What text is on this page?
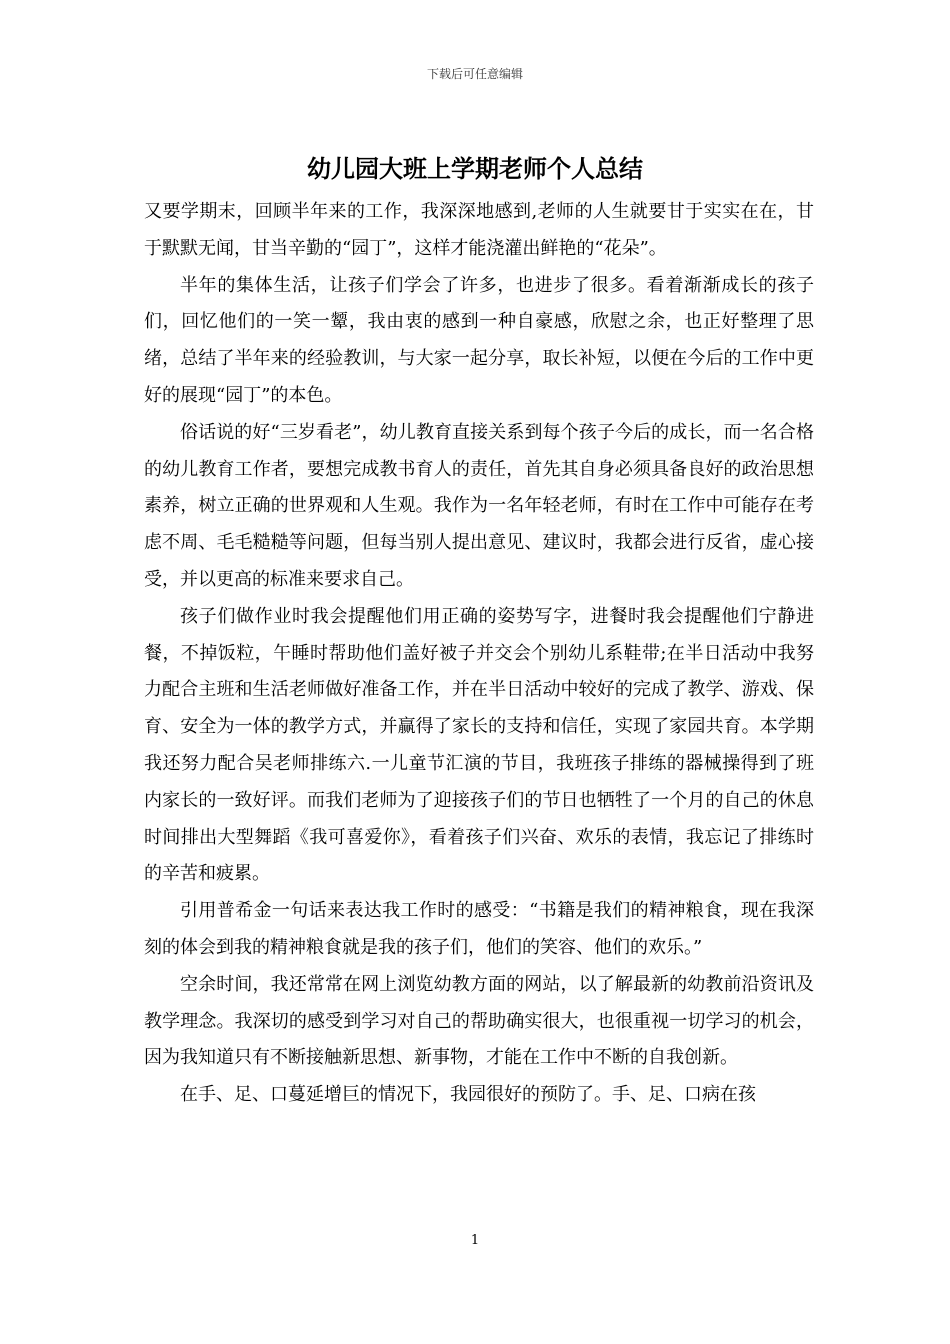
下载后可任意编辑
幼儿园大班上学期老师个人总结

又要学期末，回顾半年来的工作，我深深地感到,老师的人生就要甘于实实在在，甘于默默无闻，甘当辛勤的“园丁”，这样才能浇灌出鲜艳的“花朵”。

半年的集体生活，让孩子们学会了许多，也进步了很多。看着渐渐成长的孩子们，回忆他们的一笑一颦，我由衷的感到一种自豪感，欣慰之余，也正好整理了思绪，总结了半年来的经验教训，与大家一起分享，取长补短，以便在今后的工作中更好的展现“园丁”的本色。

俗话说的好“三岁看老”，幼儿教育直接关系到每个孩子今后的成长，而一名合格的幼儿教育工作者，要想完成教书育人的责任，首先其自身必须具备良好的政治思想素养，树立正确的世界观和人生观。我作为一名年轻老师，有时在工作中可能存在考虑不周、毛毛糙糙等问题，但每当别人提出意见、建议时，我都会进行反省，虚心接受，并以更高的标准来要求自己。

孩子们做作业时我会提醒他们用正确的姿势写字，进餐时我会提醒他们宁静进餐，不掉饭粒，午睡时帮助他们盖好被子并交会个别幼儿系鞋带;在半日活动中我努力配合主班和生活老师做好准备工作，并在半日活动中较好的完成了教学、游戏、保育、安全为一体的教学方式，并赢得了家长的支持和信任，实现了家园共育。本学期我还努力配合吴老师排练六.一儿童节汇演的节目，我班孩子排练的器械操得到了班内家长的一致好评。而我们老师为了迎接孩子们的节日也牺牲了一个月的自己的休息时间排出大型舞蹈《我可喜爱你》，看着孩子们兴奋、欢乐的表情，我忘记了排练时的辛苦和疲累。

引用普希金一句话来表达我工作时的感受：“书籍是我们的精神粮食，现在我深刻的体会到我的精神粮食就是我的孩子们，他们的笑容、他们的欢乐。”

空余时间，我还常常在网上浏览幼教方面的网站，以了解最新的幼教前沿资讯及教学理念。我深切的感受到学习对自己的帮助确实很大，也很重视一切学习的机会，因为我知道只有不断接触新思想、新事物，才能在工作中不断的自我创新。

在手、足、口蔓延增巨的情况下，我园很好的预防了。手、足、口病在孩

1
